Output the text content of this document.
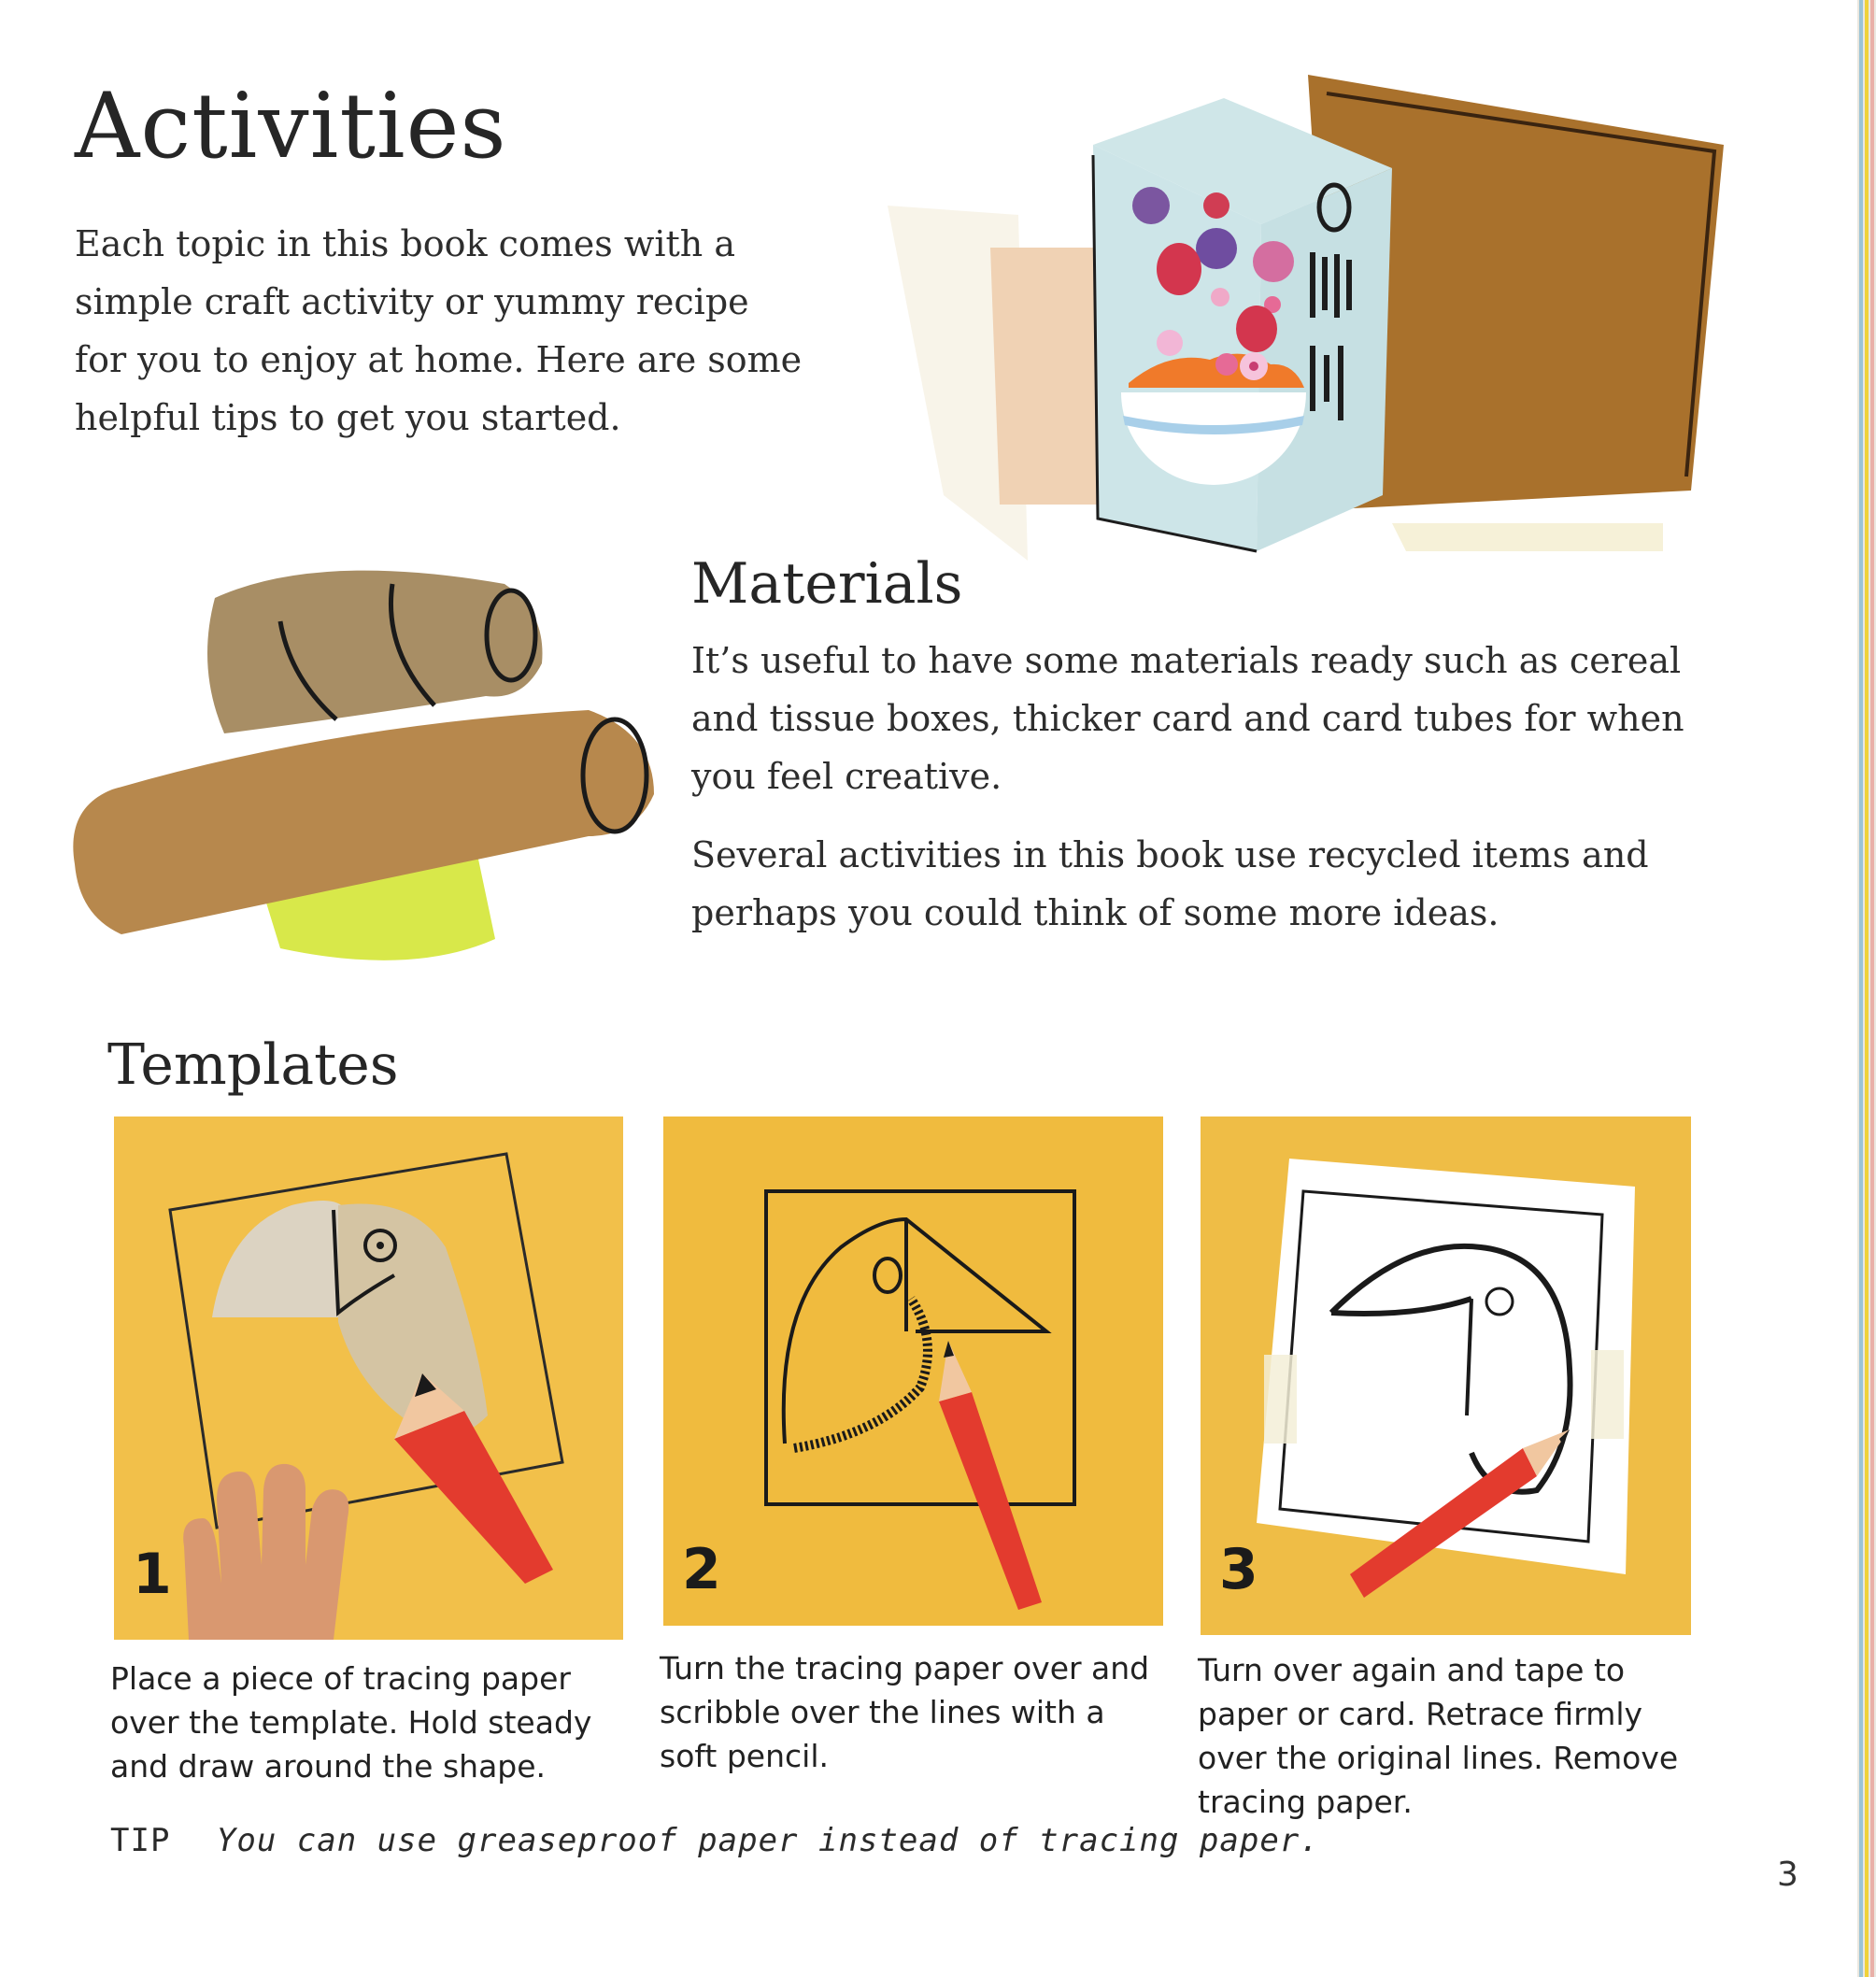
Activities
Each topic in this book comes with a simple craft activity or yummy recipe for you to enjoy at home. Here are some helpful tips to get you started.
Materials
It’s useful to have some materials ready such as cereal and tissue boxes, thicker card and card tubes for when you feel creative.
Several activities in this book use recycled items and perhaps you could think of some more ideas.
Templates
1	2	3
Place a piece of tracing paper over the template. Hold steady and draw around the shape.
Turn the tracing paper over and scribble over the lines with a soft pencil.
Turn over again and tape to paper or card. Retrace firmly over the original lines. Remove tracing paper.
TIP You can use greaseproof paper instead of tracing paper.
3
